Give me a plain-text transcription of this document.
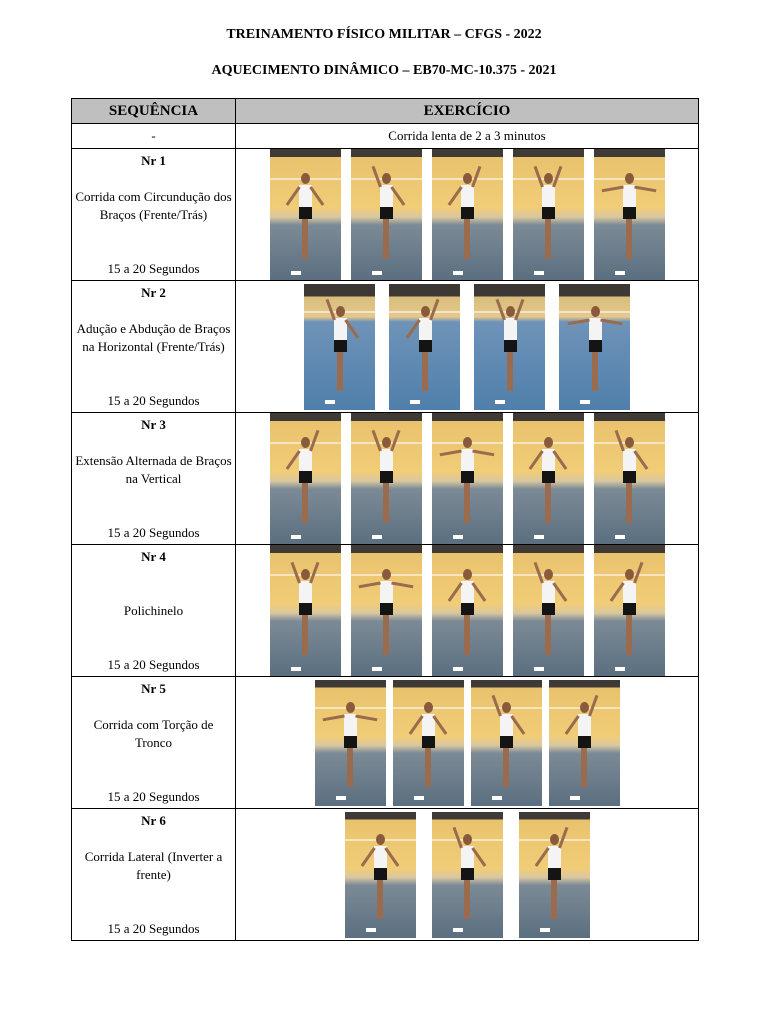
TREINAMENTO FÍSICO MILITAR – CFGS - 2022
AQUECIMENTO DINÂMICO – EB70-MC-10.375 - 2021
SEQUÊNCIA	EXERCÍCIO
-	Corrida lenta de 2 a 3 minutos

Nr 1
Corrida com Circundução dos Braços (Frente/Trás)
15 a 20 Segundos	

Nr 2
Adução e Abdução de Braços na Horizontal (Frente/Trás)
15 a 20 Segundos	

Nr 3
Extensão Alternada de Braços na Vertical
15 a 20 Segundos	

Nr 4
Polichinelo
15 a 20 Segundos	

Nr 5
Corrida com Torção de Tronco
15 a 20 Segundos	

Nr 6
Corrida Lateral (Inverter a frente)
15 a 20 Segundos	
